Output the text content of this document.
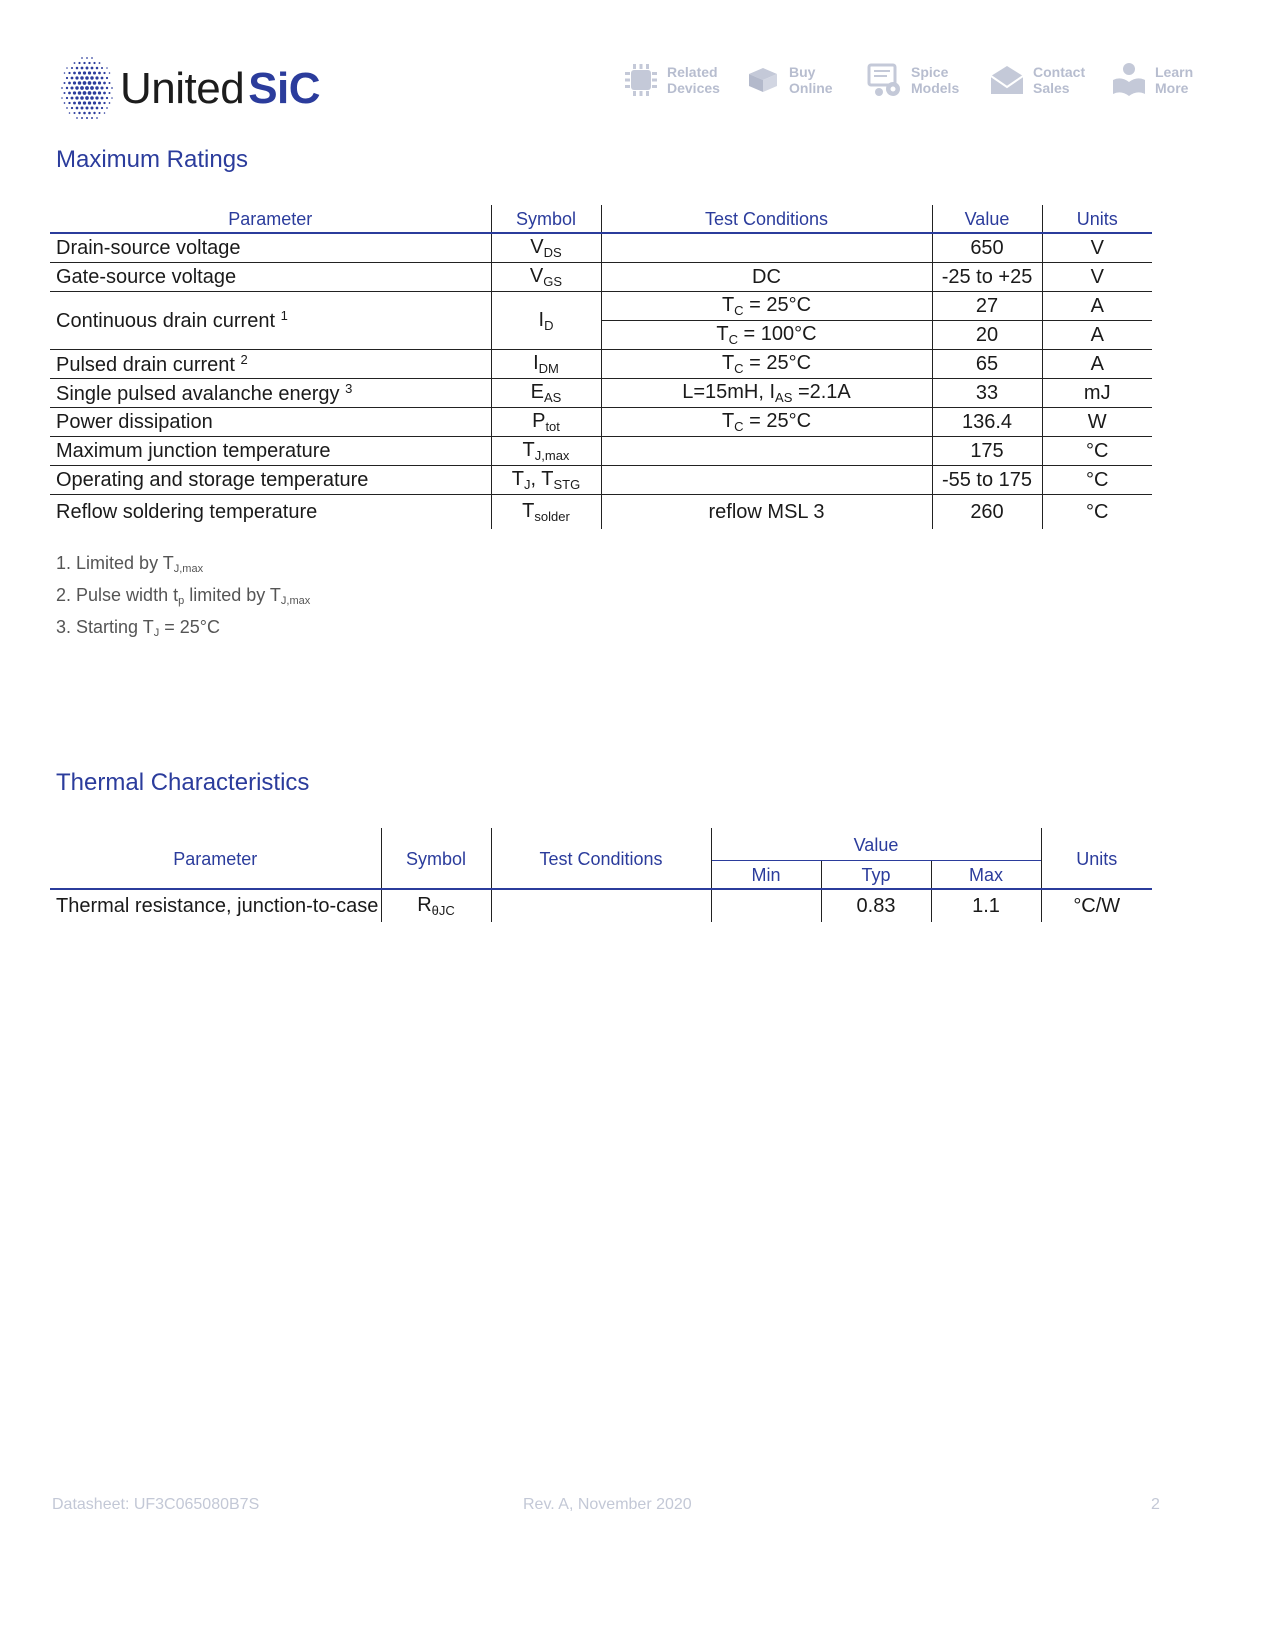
UnitedSiC	Related
Devices
Buy
Online
Spice
Models
Contact
Sales
Learn
More
Maximum Ratings
Parameter	Symbol	Test Conditions	Value	Units
Drain-source voltage	$V_{DS}$		650	V
Gate-source voltage	$V_{GS}$	DC	-25 to +25	V
Continuous drain current $^1$	$I_D$	$T_C = 25^\circ C$	27	A
		$T_C = 100^\circ C$	20	A
Pulsed drain current $^2$	$I_{DM}$	$T_C = 25^\circ C$	65	A
Single pulsed avalanche energy $^3$	$E_{AS}$	L=15mH, $I_{AS} =2.1A$	33	mJ
Power dissipation	$P_{tot}$	$T_C = 25^\circ C$	136.4	W
Maximum junction temperature	$T_{J,max}$		175	°C
Operating and storage temperature	$T_J$, $T_{STG}$		-55 to 175	°C
Reflow soldering temperature	$T_{solder}$	reflow MSL 3	260	°C
1. Limited by $T_{J,max}$
2. Pulse width $t_p$ limited by $T_{J,max}$
3. Starting $T_J = 25^\circ C$
Thermal Characteristics
Parameter	Symbol	Test Conditions	Value			Units
			Min	Typ	Max	
Thermal resistance, junction-to-case	$R_{\theta JC}$			0.83	1.1	°C/W
Datasheet: UF3C065080B7S	Rev. A, November 2020	2
